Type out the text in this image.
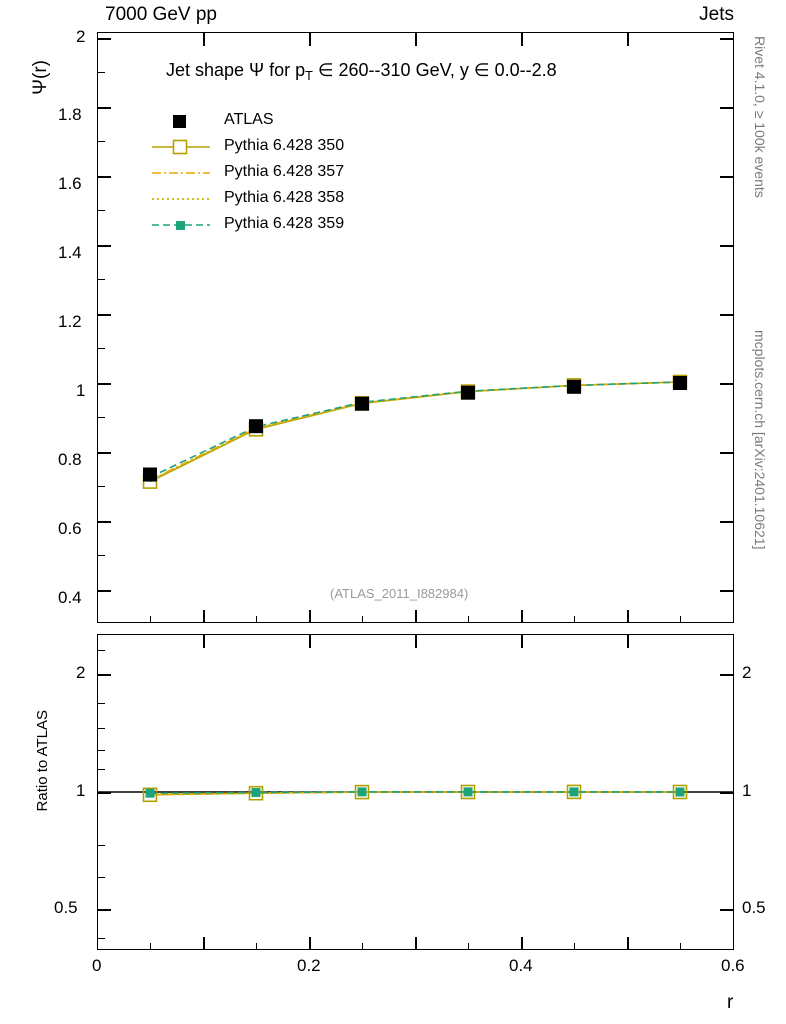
7000 GeV pp	Jets
Rivet 4.1.0, ≥ 100k events
mcplots.cern.ch [arXiv:2401.10621]
Ψ(r)	Jet shape Ψ for $p_T$ ∈ 260--310 GeV, y ∈ 0.0--2.8
(ATLAS_2011_I882984)
0.4
0.6
0.8
1
1.2
1.4
1.6
1.8
2
ATLAS
Pythia 6.428 350
Pythia 6.428 357
Pythia 6.428 358
Pythia 6.428 359
Ratio to ATLAS
0.5
1
2
0.5
1
2
0	0.2	0.4	0.6
r
